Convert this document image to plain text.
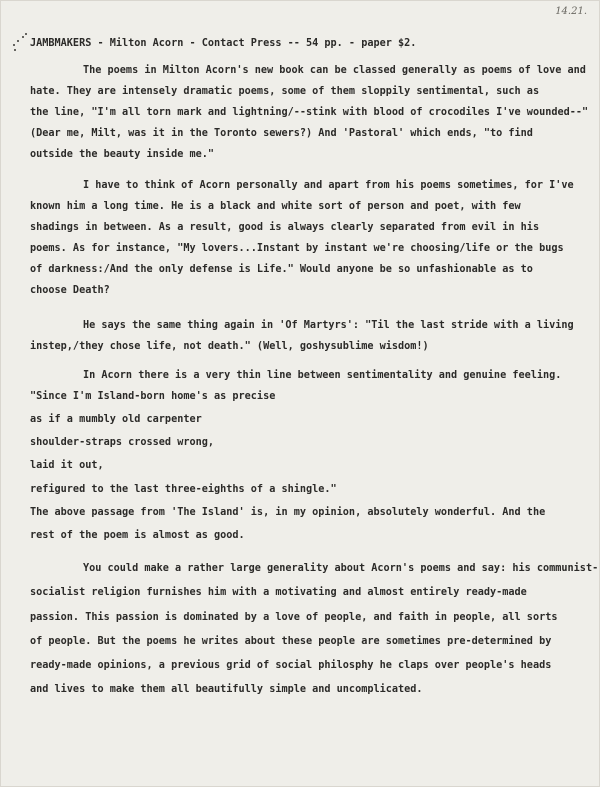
14.21.
JAMBMAKERS - Milton Acorn - Contact Press -- 54 pp. - paper $2.
The poems in Milton Acorn's new book can be classed generally as poems of love and
hate. They are intensely dramatic poems, some of them sloppily sentimental, such as
the line, "I'm all torn mark and lightning/--stink with blood of crocodiles I've wounded--"
(Dear me, Milt, was it in the Toronto sewers?) And 'Pastoral' which ends, "to find
outside the beauty inside me."
I have to think of Acorn personally and apart from his poems sometimes, for I've
known him a long time. He is a black and white sort of person and poet, with few
shadings in between. As a result, good is always clearly separated from evil in his
poems. As for instance, "My lovers...Instant by instant we're choosing/life or the bugs
of darkness:/And the only defense is Life." Would anyone be so unfashionable as to
choose Death?
He says the same thing again in 'Of Martyrs': "Til the last stride with a living
instep,/they chose life, not death." (Well, goshysublime wisdom!)
In Acorn there is a very thin line between sentimentality and genuine feeling.
"Since I'm Island-born home's as precise
as if a mumbly old carpenter
shoulder-straps crossed wrong,
laid it out,
refigured to the last three-eighths of a shingle."
The above passage from 'The Island' is, in my opinion, absolutely wonderful. And the
rest of the poem is almost as good.
You could make a rather large generality about Acorn's poems and say: his communist-
socialist religion furnishes him with a motivating and almost entirely ready-made
passion. This passion is dominated by a love of people, and faith in people, all sorts
of people. But the poems he writes about these people are sometimes pre-determined by
ready-made opinions, a previous grid of social philosphy he claps over people's heads
and lives to make them all beautifully simple and uncomplicated.
